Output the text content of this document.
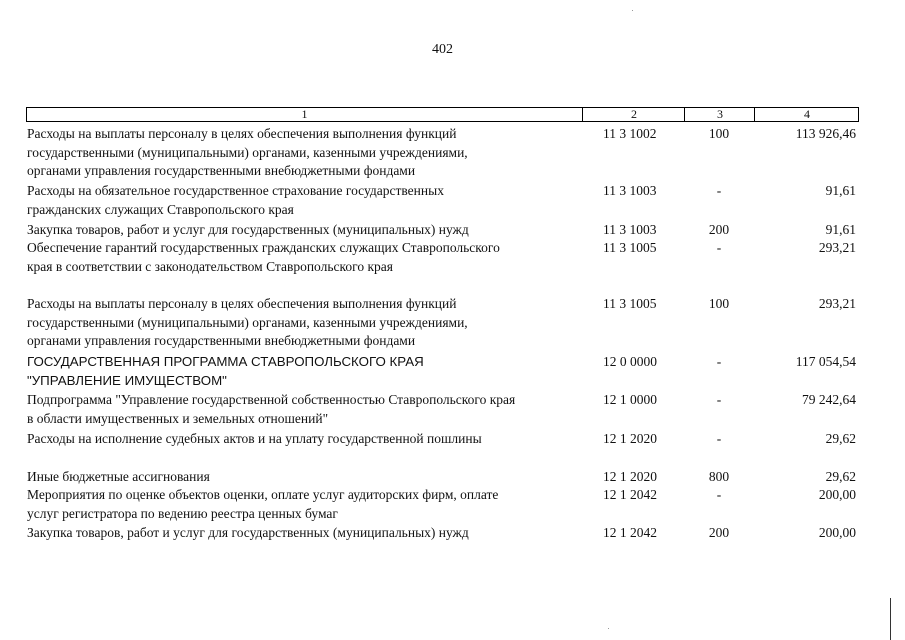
402
1	2	3	4
Расходы на выплаты персоналу в целях обеспечения выполнения функций
государственными (муниципальными) органами, казенными учреждениями,
органами управления государственными внебюджетными фондами
11 3 1002	100	113 926,46
Расходы на обязательное государственное страхование государственных
гражданских служащих Ставропольского края
11 3 1003	-	91,61
Закупка товаров, работ и услуг для государственных (муниципальных) нужд	11 3 1003	200	91,61
Обеспечение гарантий государственных гражданских служащих Ставропольского
края в соответствии с законодательством Ставропольского края
11 3 1005	-	293,21
Расходы на выплаты персоналу в целях обеспечения выполнения функций
государственными (муниципальными) органами, казенными учреждениями,
органами управления государственными внебюджетными фондами
11 3 1005	100	293,21
ГОСУДАРСТВЕННАЯ ПРОГРАММА СТАВРОПОЛЬСКОГО КРАЯ
"УПРАВЛЕНИЕ ИМУЩЕСТВОМ"
12 0 0000	-	117 054,54
Подпрограмма "Управление государственной собственностью Ставропольского края
в области имущественных и земельных отношений"
12 1 0000	-	79 242,64
Расходы на исполнение судебных актов и на уплату государственной пошлины	12 1 2020	-	29,62
Иные бюджетные ассигнования	12 1 2020	800	29,62
Мероприятия по оценке объектов оценки, оплате услуг аудиторских фирм, оплате
услуг регистратора по ведению реестра ценных бумаг
12 1 2042	-	200,00
Закупка товаров, работ и услуг для государственных (муниципальных) нужд	12 1 2042	200	200,00
